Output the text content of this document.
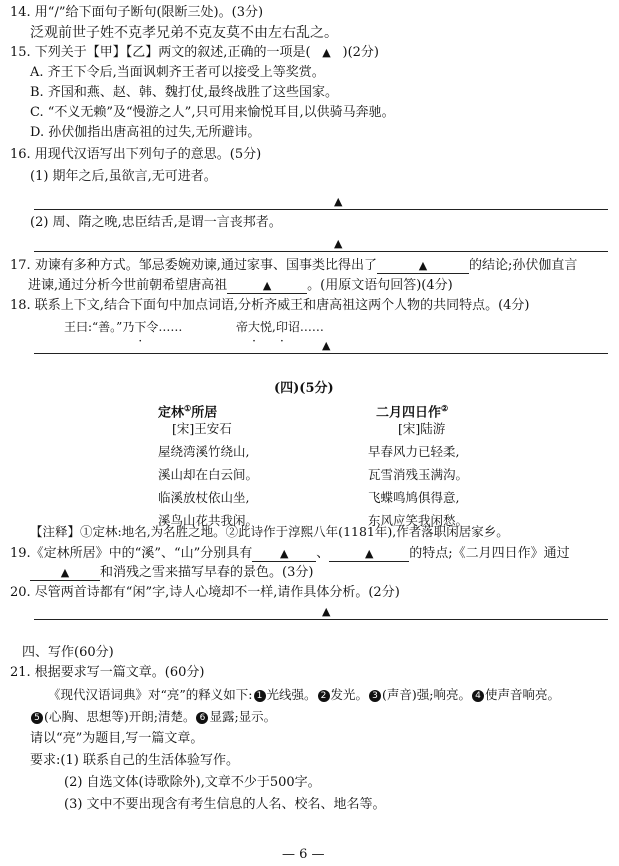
14. 用“/”给下面句子断句(限断三处)。(3分)
泛观前世子姓不克孝兄弟不克友莫不由左右乱之。
15. 下列关于【甲】【乙】两文的叙述,正确的一项是( ▲ )(2分)
A. 齐王下令后,当面讽刺齐王者可以接受上等奖赏。
B. 齐国和燕、赵、韩、魏打仗,最终战胜了这些国家。
C. “不义无赖”及“慢游之人”,只可用来愉悦耳目,以供骑马奔驰。
D. 孙伏伽指出唐高祖的过失,无所避讳。
16. 用现代汉语写出下列句子的意思。(5分)
(1) 期年之后,虽欲言,无可进者。
▲
(2) 周、隋之晚,忠臣结舌,是谓一言丧邦者。
▲
17. 劝谏有多种方式。邹忌委婉劝谏,通过家事、国事类比得出了	▲	的结论;孙伏伽直言
进谏,通过分析今世前朝希望唐高祖	▲	。(用原文语句回答)(4分)
18. 联系上下文,结合下面句中加点词语,分析齐威王和唐高祖这两个人物的共同特点。(4分)
王曰:“善。”乃下令……	帝大悦,印诏……
▲
(四)(5分)
定林①所居
[宋]王安石
屋绕湾溪竹绕山,
溪山却在白云间。
临溪放杖依山坐,
溪鸟山花共我闲。
二月四日作②
[宋]陆游
早春风力已轻柔,
瓦雪消残玉满沟。
飞蝶鸣鸠俱得意,
东风应笑我闲愁。
【注释】①定林:地名,为名胜之地。②此诗作于淳熙八年(1181年),作者落职闲居家乡。
19.《定林所居》中的“溪”、“山”分别具有	▲ 、	▲	的特点;《二月四日作》通过
▲ 和消残之雪来描写早春的景色。(3分)
20. 尽管两首诗都有“闲”字,诗人心境却不一样,请作具体分析。(2分)
▲
四、写作(60分)
21. 根据要求写一篇文章。(60分)
《现代汉语词典》对“亮”的释义如下: 1 光线强。 2 发光。 3 (声音)强;响亮。 4 使声音响亮。
5 (心胸、思想等)开朗;清楚。 6 显露;显示。
请以“亮”为题目,写一篇文章。
要求:(1) 联系自己的生活体验写作。
(2) 自选文体(诗歌除外),文章不少于500字。
(3) 文中不要出现含有考生信息的人名、校名、地名等。
— 6 —
